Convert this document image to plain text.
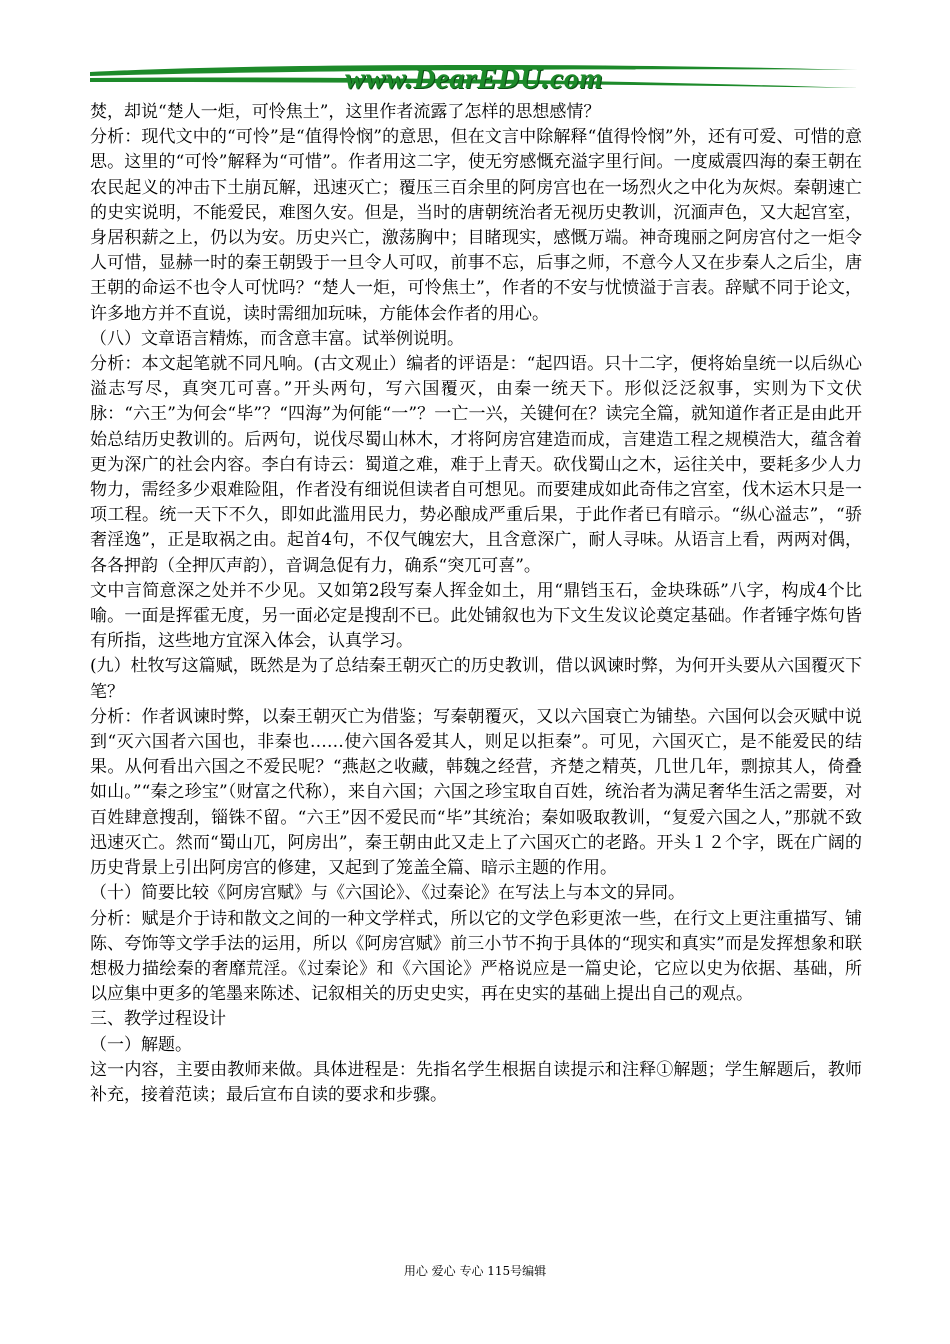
www.DearEDU.com

焚，却说“楚人一炬，可怜焦土”，这里作者流露了怎样的思想感情？

分析：现代文中的“可怜”是“值得怜悯”的意思，但在文言中除解释“值得怜悯”外，还有可爱、可惜的意思。这里的“可怜”解释为“可惜”。作者用这二字，使无穷感慨充溢字里行间。一度威震四海的秦王朝在农民起义的冲击下土崩瓦解，迅速灭亡；覆压三百余里的阿房宫也在一场烈火之中化为灰烬。秦朝速亡的史实说明，不能爱民，难图久安。但是，当时的唐朝统治者无视历史教训，沉湎声色，又大起宫室，身居积薪之上，仍以为安。历史兴亡，激荡胸中；目睹现实，感慨万端。神奇瑰丽之阿房宫付之一炬令人可惜，显赫一时的秦王朝毁于一旦令人可叹，前事不忘，后事之师，不意今人又在步秦人之后尘，唐王朝的命运不也令人可忧吗？“楚人一炬，可怜焦土”，作者的不安与忧愤溢于言表。辞赋不同于论文，许多地方并不直说，读时需细加玩味，方能体会作者的用心。

（八）文章语言精炼，而含意丰富。试举例说明。

分析：本文起笔就不同凡响。(古文观止）编者的评语是：“起四语。只十二字，便将始皇统一以后纵心溢志写尽，真突兀可喜。”开头两句，写六国覆灭，由秦一统天下。形似泛泛叙事，实则为下文伏脉：“六王”为何会“毕”？“四海”为何能“一”？一亡一兴，关键何在？读完全篇，就知道作者正是由此开始总结历史教训的。后两句，说伐尽蜀山林木，才将阿房宫建造而成，言建造工程之规模浩大，蕴含着更为深广的社会内容。李白有诗云：蜀道之难，难于上青天。砍伐蜀山之木，运往关中，要耗多少人力物力，需经多少艰难险阻，作者没有细说但读者自可想见。而要建成如此奇伟之宫室，伐木运木只是一项工程。统一天下不久，即如此滥用民力，势必酿成严重后果，于此作者已有暗示。“纵心溢志”，“骄奢淫逸”，正是取祸之由。起首4句，不仅气魄宏大，且含意深广，耐人寻味。从语言上看，两两对偶，各各押韵（全押仄声韵），音调急促有力，确系“突兀可喜”。

文中言简意深之处并不少见。又如第2段写秦人挥金如土，用“鼎铛玉石，金块珠砾”八字，构成4个比喻。一面是挥霍无度，另一面必定是搜刮不已。此处铺叙也为下文生发议论奠定基础。作者锤字炼句皆有所指，这些地方宜深入体会，认真学习。

(九）杜牧写这篇赋，既然是为了总结秦王朝灭亡的历史教训，借以讽谏时弊，为何开头要从六国覆灭下笔？

分析：作者讽谏时弊，以秦王朝灭亡为借鉴；写秦朝覆灭，又以六国衰亡为铺垫。六国何以会灭赋中说到“灭六国者六国也，非秦也……使六国各爱其人，则足以拒秦”。可见，六国灭亡，是不能爱民的结果。从何看出六国之不爱民呢？“燕赵之收藏，韩魏之经营，齐楚之精英，几世几年，剽掠其人，倚叠如山。”“秦之珍宝”（财富之代称），来自六国；六国之珍宝取自百姓，统治者为满足奢华生活之需要，对百姓肆意搜刮，锱铢不留。“六王”因不爱民而“毕”其统治；秦如吸取教训，“复爱六国之人，”那就不致迅速灭亡。然而“蜀山兀，阿房出”，秦王朝由此又走上了六国灭亡的老路。开头１２个字，既在广阔的历史背景上引出阿房宫的修建，又起到了笼盖全篇、暗示主题的作用。

（十）简要比较《阿房宫赋》与《六国论》、《过秦论》在写法上与本文的异同。

分析：赋是介于诗和散文之间的一种文学样式，所以它的文学色彩更浓一些，在行文上更注重描写、铺陈、夸饰等文学手法的运用，所以《阿房宫赋》前三小节不拘于具体的“现实和真实”而是发挥想象和联想极力描绘秦的奢靡荒淫。《过秦论》和《六国论》严格说应是一篇史论，它应以史为依据、基础，所以应集中更多的笔墨来陈述、记叙相关的历史史实，再在史实的基础上提出自己的观点。

三、教学过程设计

（一）解题。

这一内容，主要由教师来做。具体进程是：先指名学生根据自读提示和注释①解题；学生解题后，教师补充，接着范读；最后宣布自读的要求和步骤。

用心 爱心 专心 115号编辑
